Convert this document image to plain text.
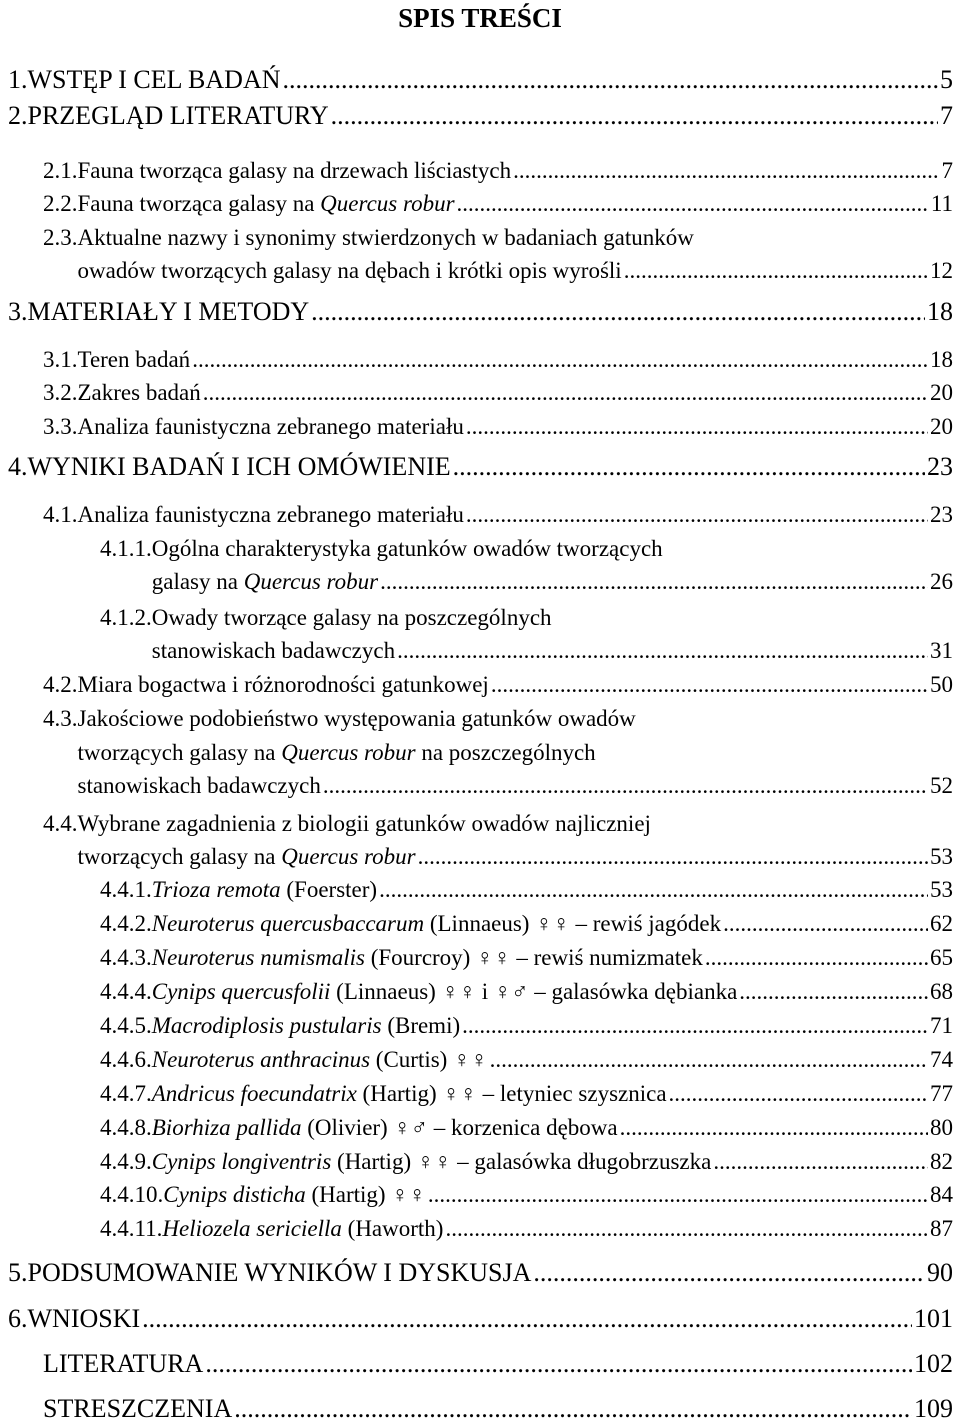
SPIS TREŚCI
1. WSTĘP I CEL BADAŃ .....	5
2. PRZEGLĄD LITERATURY .....	7
2.1. Fauna tworząca galasy na drzewach liściastych .....	7
2.2. Fauna tworząca galasy na Quercus robur .....	11
2.3. Aktualne nazwy i synonimy stwierdzonych w badaniach gatunków
owadów tworzących galasy na dębach i krótki opis wyrośli .....	12
3. MATERIAŁY I METODY .....	18
3.1. Teren badań .....	18
3.2. Zakres badań .....	20
3.3. Analiza faunistyczna zebranego materiału .....	20
4. WYNIKI BADAŃ I ICH OMÓWIENIE .....	23
4.1. Analiza faunistyczna zebranego materiału .....	23
4.1.1. Ogólna charakterystyka gatunków owadów tworzących
galasy na Quercus robur .....	26
4.1.2. Owady tworzące galasy na poszczególnych
stanowiskach badawczych .....	31
4.2. Miara bogactwa i różnorodności gatunkowej .....	50
4.3. Jakościowe podobieństwo występowania gatunków owadów
tworzących galasy na Quercus robur na poszczególnych
stanowiskach badawczych .....	52
4.4. Wybrane zagadnienia z biologii gatunków owadów najliczniej
tworzących galasy na Quercus robur .....	53
4.4.1. Trioza remota (Foerster) .....	53
4.4.2. Neuroterus quercusbaccarum (Linnaeus) ♀♀ – rewiś jagódek .....	62
4.4.3. Neuroterus numismalis (Fourcroy) ♀♀ – rewiś numizmatek .....	65
4.4.4. Cynips quercusfolii (Linnaeus) ♀♀ i ♀♂ – galasówka dębianka .....	68
4.4.5. Macrodiplosis pustularis (Bremi) .....	71
4.4.6. Neuroterus anthracinus (Curtis) ♀♀ .....	74
4.4.7. Andricus foecundatrix (Hartig) ♀♀ – letyniec szysznica .....	77
4.4.8. Biorhiza pallida (Olivier) ♀♂ – korzenica dębowa .....	80
4.4.9. Cynips longiventris (Hartig) ♀♀ – galasówka długobrzuszka .....	82
4.4.10. Cynips disticha (Hartig) ♀♀ .....	84
4.4.11. Heliozela sericiella (Haworth) .....	87
5. PODSUMOWANIE WYNIKÓW I DYSKUSJA .....	90
6. WNIOSKI .....	101
LITERATURA .....	102
STRESZCZENIA .....	109
